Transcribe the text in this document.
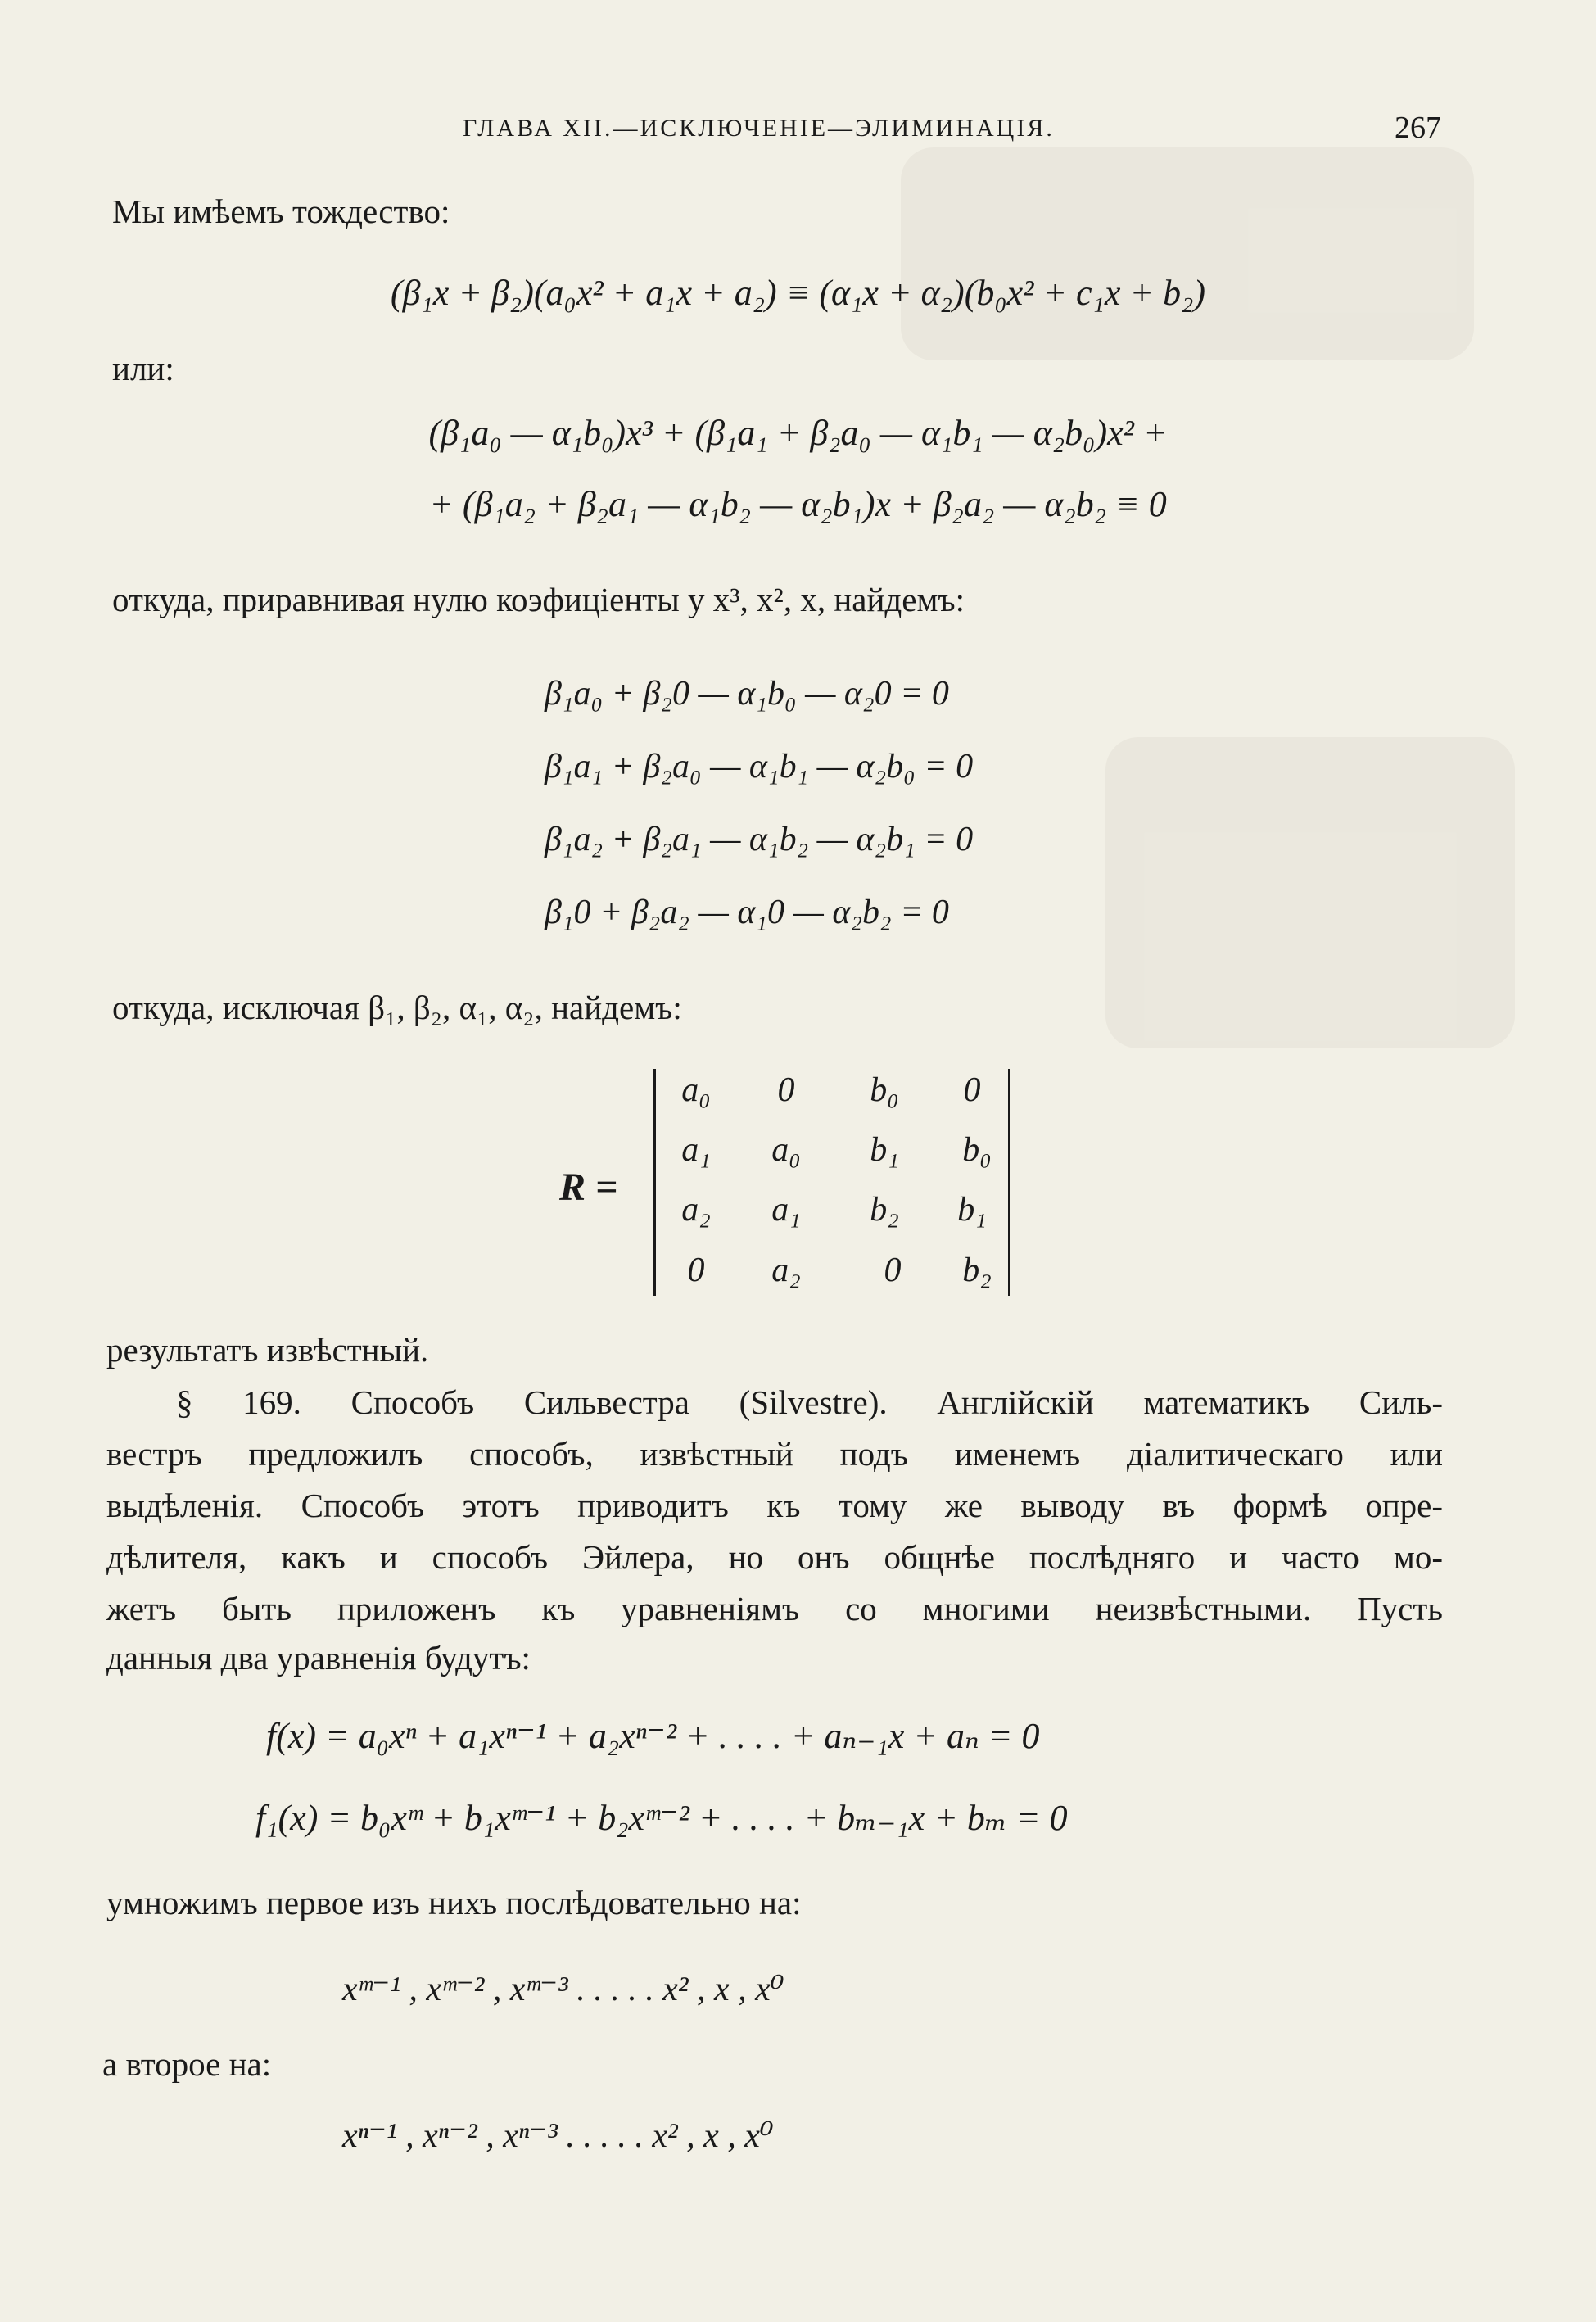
ГЛАВА XII.—ИСКЛЮЧЕНІЕ—ЭЛИМИНАЦІЯ.	267
Мы имѣемъ тождество:
(β₁x + β₂)(a₀x² + a₁x + a₂) ≡ (α₁x + α₂)(b₀x² + c₁x + b₂)
или:
(β₁a₀ — α₁b₀)x³ + (β₁a₁ + β₂a₀ — α₁b₁ — α₂b₀)x² +
+ (β₁a₂ + β₂a₁ — α₁b₂ — α₂b₁)x + β₂a₂ — α₂b₂ ≡ 0
откуда, приравнивая нулю коэфиціенты у x³, x², x, найдемъ:
β₁a₀ + β₂0 — α₁b₀ — α₂0 = 0
β₁a₁ + β₂a₀ — α₁b₁ — α₂b₀ = 0
β₁a₂ + β₂a₁ — α₁b₂ — α₂b₁ = 0
β₁0 + β₂a₂ — α₁0 — α₂b₂ = 0
откуда, исключая β₁, β₂, α₁, α₂, найдемъ:
R =
a₀	0	b₀	0
a₁	a₀	b₁	b₀
a₂	a₁	b₂	b₁
0	a₂	0	b₂
результатъ извѣстный.
§ 169. Способъ Сильвестра (Silvestre). Англійскій математикъ Силь-
вестръ предложилъ способъ, извѣстный подъ именемъ діалитическаго или
выдѣленія. Способъ этотъ приводитъ къ тому же выводу въ формѣ опре-
дѣлителя, какъ и способъ Эйлера, но онъ общнѣе послѣдняго и часто мо-
жетъ быть приложенъ къ уравненіямъ со многими неизвѣстными. Пусть
данныя два уравненія будутъ:
f(x) = a₀xⁿ + a₁xⁿ⁻¹ + a₂xⁿ⁻² + . . . . + aₙ₋₁x + aₙ = 0
f₁(x) = b₀xᵐ + b₁xᵐ⁻¹ + b₂xᵐ⁻² + . . . . + bₘ₋₁x + bₘ = 0
умножимъ первое изъ нихъ послѣдовательно на:
xᵐ⁻¹ , xᵐ⁻² , xᵐ⁻³ . . . . . x² , x , x⁰
а второе на:
xⁿ⁻¹ , xⁿ⁻² , xⁿ⁻³ . . . . . x² , x , x⁰
